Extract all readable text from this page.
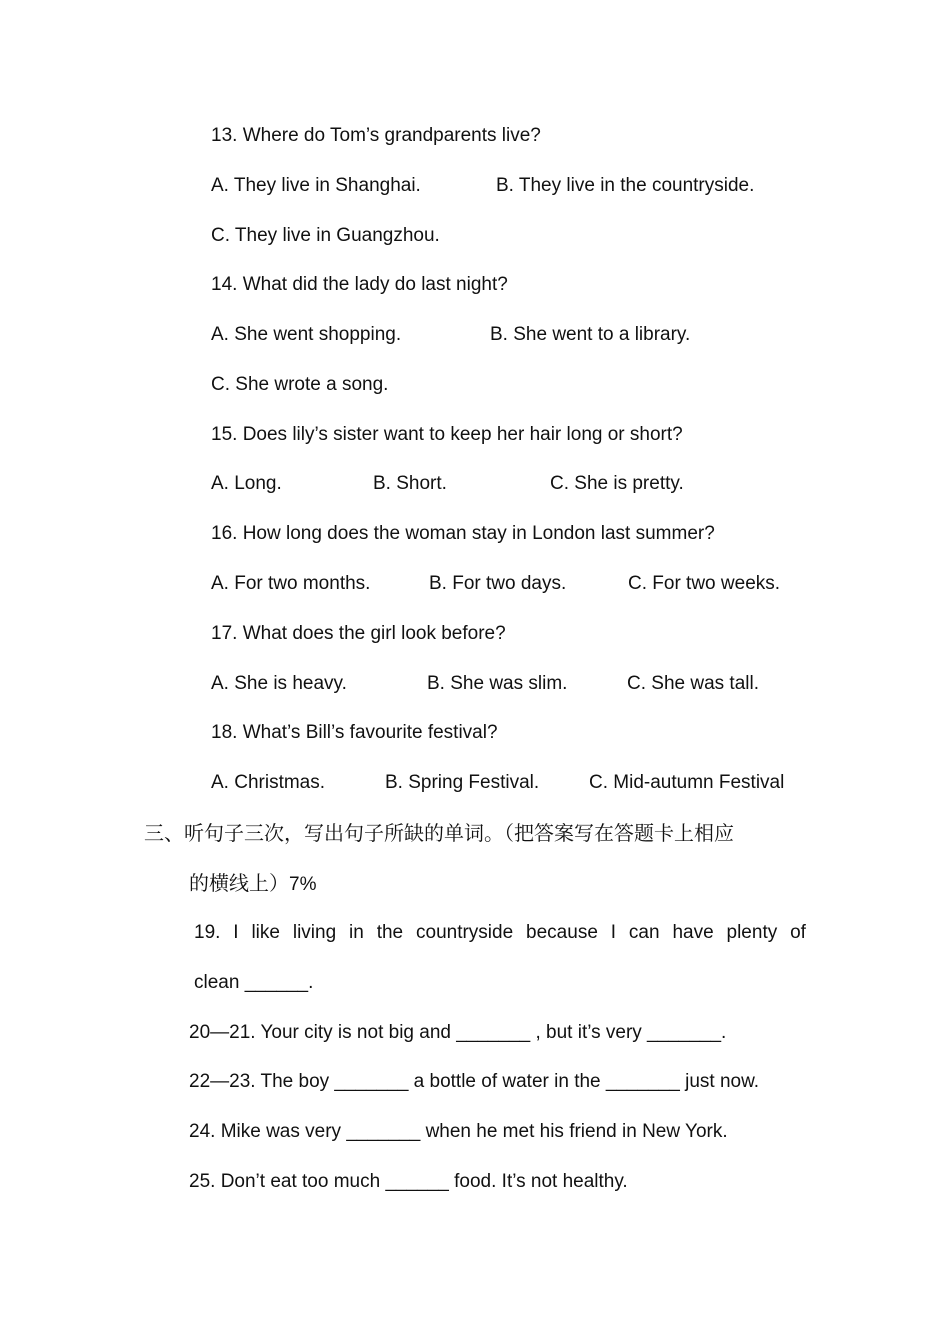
13. Where do Tom’s grandparents live?
A. They live in Shanghai.	B. They live in the countryside.
C. They live in Guangzhou.
14. What did the lady do last night?
A. She went shopping.	B. She went to a library.
C. She wrote a song.
15. Does lily’s sister want to keep her hair long or short?
A. Long.	B. Short.	C. She is pretty.
16. How long does the woman stay in London last summer?
A. For two months.	B. For two days.	C. For two weeks.
17. What does the girl look before?
A. She is heavy.	B. She was slim.	C. She was tall.
18. What’s Bill’s favourite festival?
A. Christmas.	B. Spring Festival.	C. Mid-autumn Festival
三、听句子三次，写出句子所缺的单词。（把答案写在答题卡上相应
的横线上）7%
19. I like living in the countryside because I can have plenty of
clean ______.
20—21. Your city is not big and _______ , but it’s very _______.
22—23. The boy _______ a bottle of water in the _______ just now.
24. Mike was very _______ when he met his friend in New York.
25. Don’t eat too much ______ food. It’s not healthy.
